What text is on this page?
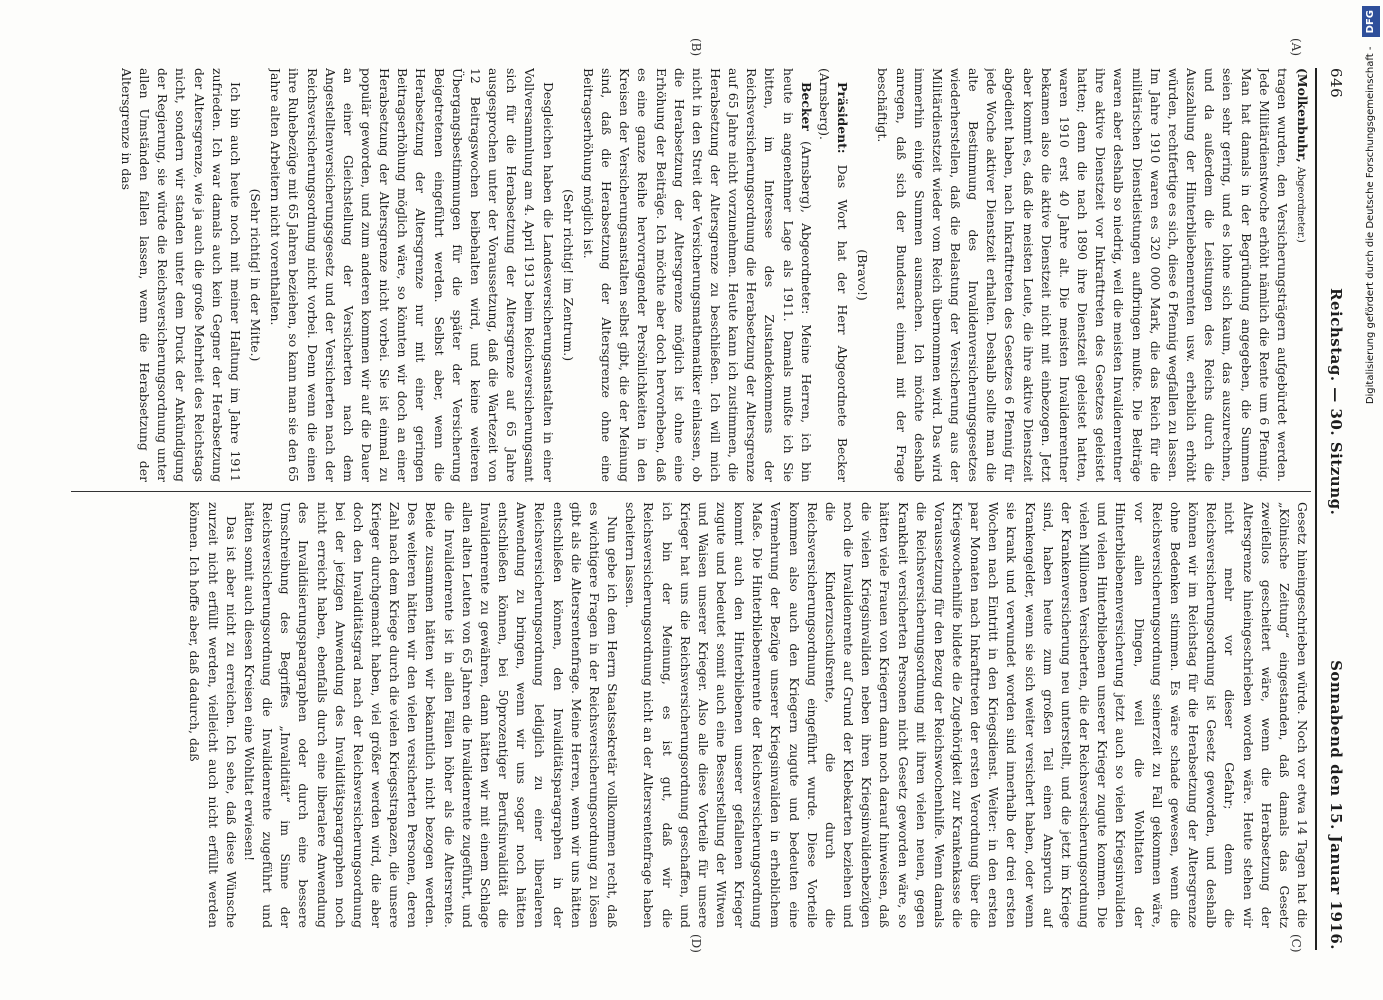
646
Reichstag. — 30. Sitzung.
Sonnabend den 15. Januar 1916.
(A)
(B)
(C)
(D)

(Molkenbuhr, Abgeordneter.)

tragen wurden, den Versicherungsträgern aufgebürdet werden. Jede Militärdienstwoche erhöht nämlich die Rente um 6 Pfennig. Man hat damals in der Begründung angegeben, die Summen seien sehr gering, und es lohne sich kaum, das auszurechnen, und da außerdem die Leistungen des Reichs durch die Auszahlung der Hinterbliebenenrenten usw. erheblich erhöht würden, rechtfertige es sich, diese 6 Pfennig wegfallen zu lassen. Im Jahre 1910 waren es 320 000 Mark, die das Reich für die militärischen Dienstleistungen aufbringen mußte. Die Beiträge waren aber deshalb so niedrig, weil die meisten Invalidenrentner ihre aktive Dienstzeit vor Inkrafttreten des Gesetzes geleistet hatten; denn die nach 1890 ihre Dienstzeit geleistet hatten, waren 1910 erst 40 Jahre alt. Die meisten Invalidenrentner bekamen also die aktive Dienstzeit nicht mit einbezogen. Jetzt aber kommt es, daß die meisten Leute, die ihre aktive Dienstzeit abgedient haben, nach Inkrafttreten des Gesetzes 6 Pfennig für jede Woche aktiver Dienstzeit erhalten. Deshalb sollte man die alte Bestimmung des Invalidenversicherungsgesetzes wiederherstellen, daß die Belastung der Versicherung aus der Militärdienstzeit wieder vom Reich übernommen wird. Das wird immerhin einige Summen ausmachen. Ich möchte deshalb anregen, daß sich der Bundesrat einmal mit der Frage beschäftigt.

(Bravo!)

Präsident: Das Wort hat der Herr Abgeordnete Becker (Arnsberg).

Becker (Arnsberg), Abgeordneter: Meine Herren, ich bin heute in angenehmer Lage als 1911. Damals mußte ich Sie bitten, im Interesse des Zustandekommens der Reichsversicherungsordnung die Herabsetzung der Altersgrenze auf 65 Jahre nicht vorzunehmen. Heute kann ich zustimmen, die Herabsetzung der Altersgrenze zu beschließen. Ich will mich nicht in den Streit der Versicherungsmathematiker einlassen, ob die Herabsetzung der Altersgrenze möglich ist ohne eine Erhöhung der Beiträge. Ich möchte aber doch hervorheben, daß es eine ganze Reihe hervorragender Persönlichkeiten in den Kreisen der Versicherungsanstalten selbst gibt, die der Meinung sind, daß die Herabsetzung der Altersgrenze ohne eine Beitragserhöhung möglich ist.

(Sehr richtig! im Zentrum.)

Desgleichen haben die Landesversicherungsanstalten in einer Vollversammlung am 4. April 1913 beim Reichsversicherungsamt sich für die Herabsetzung der Altersgrenze auf 65 Jahre ausgesprochen unter der Voraussetzung, daß die Wartezeit von 12 Beitragswochen beibehalten wird, und keine weiteren Übergangsbestimmungen für die später der Versicherung Beigetretenen eingeführt werden. Selbst aber, wenn die Herabsetzung der Altersgrenze nur mit einer geringen Beitragserhöhung möglich wäre, so könnten wir doch an einer Herabsetzung der Altersgrenze nicht vorbei. Sie ist einmal zu populär geworden, und zum anderen kommen wir auf die Dauer an einer Gleichstellung der Versicherten nach dem Angestelltenversicherungsgesetz und der Versicherten nach der Reichsversicherungsordnung nicht vorbei. Denn wenn die einen ihre Ruhebezüge mit 65 Jahren beziehen, so kann man sie den 65 Jahre alten Arbeitern nicht vorenthalten.

(Sehr richtig! in der Mitte.)

Ich bin auch heute noch mit meiner Haltung im Jahre 1911 zufrieden. Ich war damals auch kein Gegner der Herabsetzung der Altersgrenze, wie ja auch die große Mehrheit des Reichstags nicht, sondern wir standen unter dem Druck der Ankündigung der Regierung, sie würde die Reichsversicherungsordnung unter allen Umständen fallen lassen, wenn die Herabsetzung der Altersgrenze in das

Gesetz hineingeschrieben würde. Noch vor etwa 14 Tagen hat die „Kölnische Zeitung“ eingestanden, daß damals das Gesetz zweifellos gescheitert wäre, wenn die Herabsetzung der Altersgrenze hineingeschrieben worden wäre. Heute stehen wir nicht mehr vor dieser Gefahr; denn die Reichsversicherungsordnung ist Gesetz geworden, und deshalb können wir im Reichstag für die Herabsetzung der Altersgrenze ohne Bedenken stimmen. Es wäre schade gewesen, wenn die Reichsversicherungsordnung seinerzeit zu Fall gekommen wäre, vor allen Dingen, weil die Wohltaten der Hinterbliebenenversicherung jetzt auch so vielen Kriegsinvaliden und vielen Hinterbliebenen unserer Krieger zugute kommen. Die vielen Millionen Versicherten, die der Reichsversicherungsordnung der Krankenversicherung neu unterstellt, und die jetzt im Kriege sind, haben heute zum großen Teil einen Anspruch auf Krankengelder, wenn sie sich weiter versichert haben, oder wenn sie krank und verwundet worden sind innerhalb der drei ersten Wochen nach Eintritt in den Kriegsdienst. Weiter: in den ersten paar Monaten nach Inkrafttreten der ersten Verordnung über die Kriegswochenhilfe bildete die Zugehörigkeit zur Krankenkasse die Voraussetzung für den Bezug der Reichswochenhilfe. Wenn damals die Reichsversicherungsordnung mit ihren vielen neuen, gegen Krankheit versicherten Personen nicht Gesetz geworden wäre, so hätten viele Frauen von Kriegern dann noch darauf hinweisen, daß die vielen Kriegsinvaliden neben ihren Kriegsinvalidenbezügen noch die Invalidenrente auf Grund der Klebekarten beziehen und die Kinderzuschußrente, die durch die Reichsversicherungsordnung eingeführt wurde. Diese Vorteile kommen also auch den Kriegern zugute und bedeuten eine Vermehrung der Bezüge unserer Kriegsinvaliden in erheblichem Maße. Die Hinterbliebenenrente der Reichsversicherungsordnung kommt auch den Hinterbliebenen unserer gefallenen Krieger zugute und bedeutet somit auch eine Besserstellung der Witwen und Waisen unserer Krieger. Also alle diese Vorteile für unsere Krieger hat uns die Reichsversicherungsordnung geschaffen, und ich bin der Meinung, es ist gut, daß wir die Reichsversicherungsordnung nicht an der Altersrentenfrage haben scheitern lassen.

Nun gebe ich dem Herrn Staatssekretär vollkommen recht, daß es wichtigere Fragen in der Reichsversicherungsordnung zu lösen gibt als die Altersrentenfrage. Meine Herren, wenn wir uns hätten entschließen können, den Invaliditätsparagraphen in der Reichsversicherungsordnung lediglich zu einer liberaleren Anwendung zu bringen, wenn wir uns sogar noch hätten entschließen können, bei 50prozentiger Berufsinvalidität die Invalidenrente zu gewähren, dann hätten wir mit einem Schlage allen alten Leuten von 65 Jahren die Invalidenrente zugeführt, und die Invalidenrente ist in allen Fällen höher als die Altersrente. Beide zusammen hätten wir bekanntlich nicht bezogen werden. Des weiteren hätten wir den vielen versicherten Personen, deren Zahl nach dem Kriege durch die vielen Kriegsstrapazen, die unsere Krieger durchgemacht haben, viel größer werden wird, die aber doch den Invaliditätsgrad nach der Reichsversicherungsordnung bei der jetzigen Anwendung des Invaliditätsparagraphen noch nicht erreicht haben, ebenfalls durch eine liberalere Anwendung des Invalidisierungsparagraphen oder durch eine bessere Umschreibung des Begriffes „Invalidität“ im Sinne der Reichsversicherungsordnung die Invalidenrente zugeführt und hätten somit auch diesen Kreisen eine Wohltat erwiesen!

Das ist aber nicht zu erreichen. Ich sehe, daß diese Wünsche zurzeit nicht erfüllt werden, vielleicht auch nicht erfüllt werden können. Ich hoffe aber, daß dadurch, daß

Digitalisierung gefördert durch die Deutsche Forschungsgemeinschaft - DFG
